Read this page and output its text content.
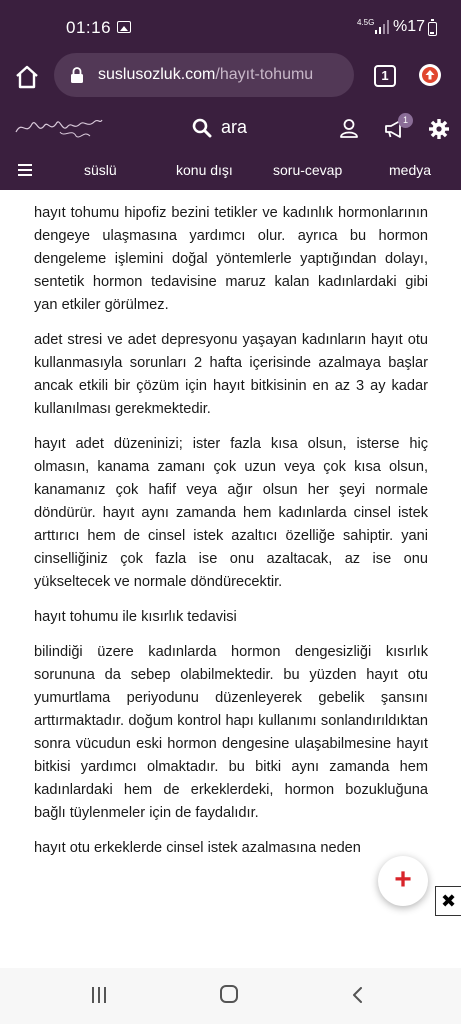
01:16	4.5G %17
suslusozluk.com/hayıt-tohumu	1
ara	1
süslü	konu dışı	soru-cevap	medya

hayıt tohumu hipofiz bezini tetikler ve kadınlık hormonlarının dengeye ulaşmasına yardımcı olur. ayrıca bu hormon dengeleme işlemini doğal yöntemlerle yaptığından dolayı, sentetik hormon tedavisine maruz kalan kadınlardaki gibi yan etkiler görülmez.

adet stresi ve adet depresyonu yaşayan kadınların hayıt otu kullanmasıyla sorunları 2 hafta içerisinde azalmaya başlar ancak etkili bir çözüm için hayıt bitkisinin en az 3 ay kadar kullanılması gerekmektedir.

hayıt adet düzeninizi; ister fazla kısa olsun, isterse hiç olmasın, kanama zamanı çok uzun veya çok kısa olsun, kanamanız çok hafif veya ağır olsun her şeyi normale döndürür. hayıt aynı zamanda hem kadınlarda cinsel istek arttırıcı hem de cinsel istek azaltıcı özelliğe sahiptir. yani cinselliğiniz çok fazla ise onu azaltacak, az ise onu yükseltecek ve normale döndürecektir.

hayıt tohumu ile kısırlık tedavisi

bilindiği üzere kadınlarda hormon dengesizliği kısırlık sorununa da sebep olabilmektedir. bu yüzden hayıt otu yumurtlama periyodunu düzenleyerek gebelik şansını arttırmaktadır. doğum kontrol hapı kullanımı sonlandırıldıktan sonra vücudun eski hormon dengesine ulaşabilmesine hayıt bitkisi yardımcı olmaktadır. bu bitki aynı zamanda hem kadınlardaki hem de erkeklerdeki, hormon bozukluğuna bağlı tüylenmeler için de faydalıdır.

hayıt otu erkeklerde cinsel istek azalmasına neden

+
✖
